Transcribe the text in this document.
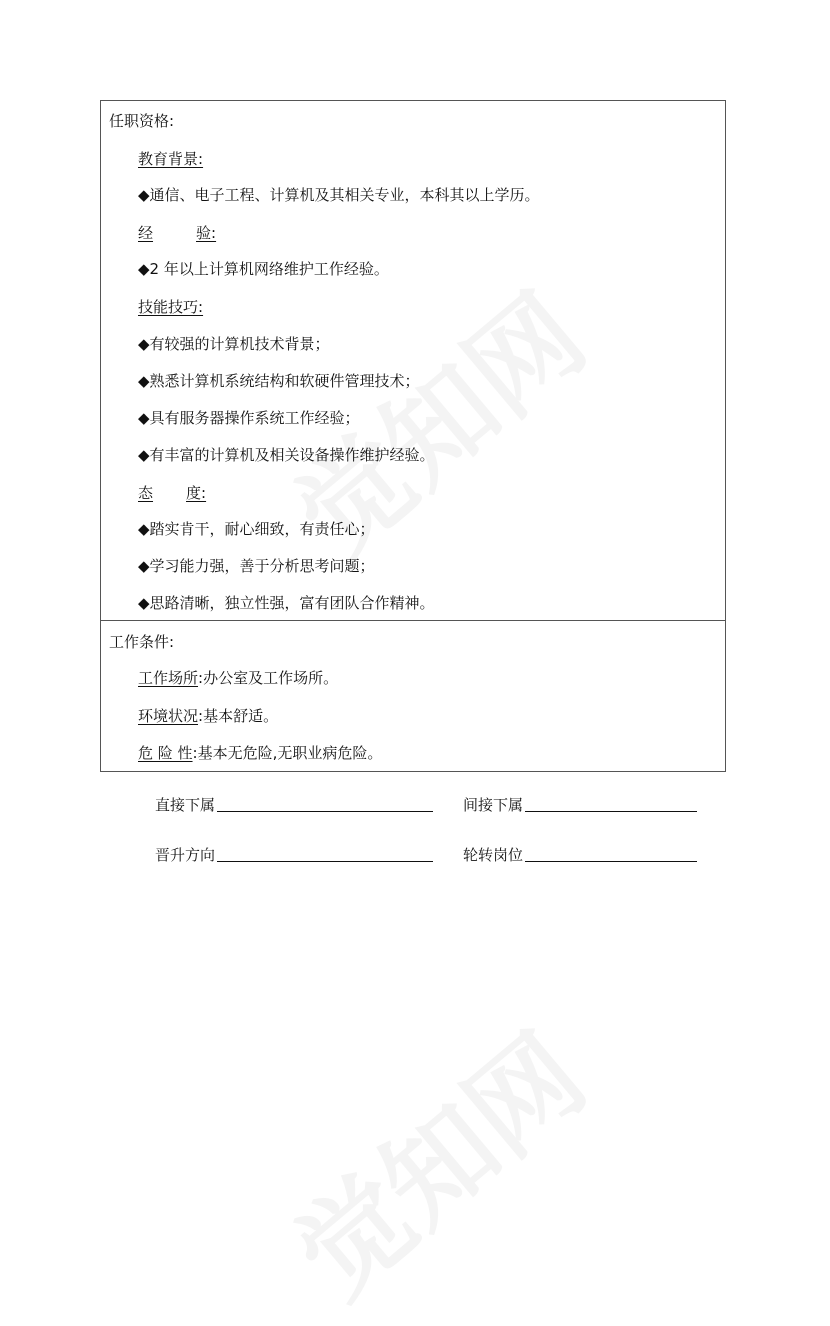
任职资格:
教育背景:
◆通信、电子工程、计算机及其相关专业，本科其以上学历。
经	验:
◆2 年以上计算机网络维护工作经验。
技能技巧:
◆有较强的计算机技术背景；
◆熟悉计算机系统结构和软硬件管理技术；
◆具有服务器操作系统工作经验；
◆有丰富的计算机及相关设备操作维护经验。
态 度:
◆踏实肯干，耐心细致，有责任心；
◆学习能力强，善于分析思考问题；
◆思路清晰，独立性强，富有团队合作精神。
工作条件:
工作场所:办公室及工作场所。
环境状况:基本舒适。
危 险 性:基本无危险,无职业病危险。
直接下属	间接下属
晋升方向	轮转岗位
